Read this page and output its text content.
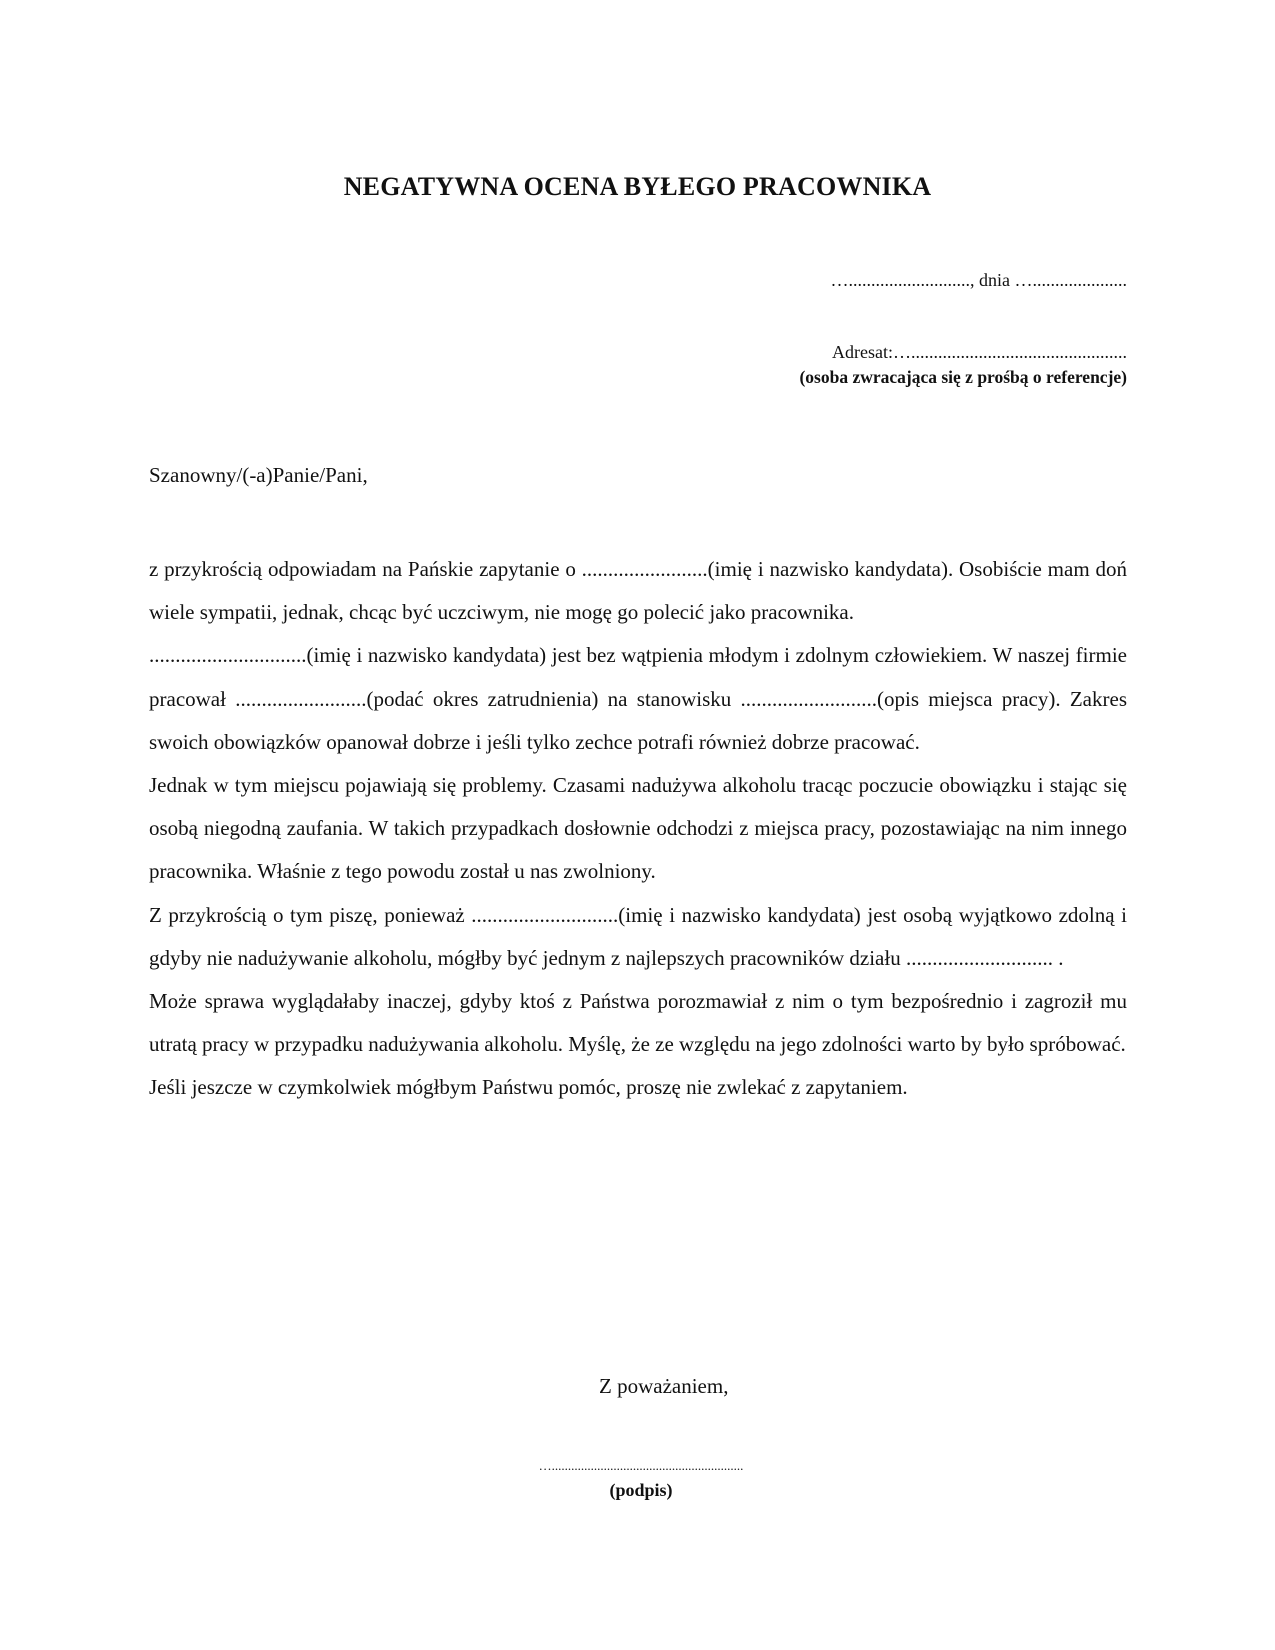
NEGATYWNA OCENA BYŁEGO PRACOWNIKA
…..........................., dnia ….....................
Adresat:…................................................
(osoba zwracająca się z prośbą o referencje)
Szanowny/(-a)Panie/Pani,

z przykrością odpowiadam na Pańskie zapytanie o ........................(imię i nazwisko kandydata). Osobiście mam doń wiele sympatii, jednak, chcąc być uczciwym, nie mogę go polecić jako pracownika.

..............................(imię i nazwisko kandydata) jest bez wątpienia młodym i zdolnym człowiekiem. W naszej firmie pracował .........................(podać okres zatrudnienia) na stanowisku ..........................(opis miejsca pracy). Zakres swoich obowiązków opanował dobrze i jeśli tylko zechce potrafi również dobrze pracować.

Jednak w tym miejscu pojawiają się problemy. Czasami nadużywa alkoholu tracąc poczucie obowiązku i stając się osobą niegodną zaufania. W takich przypadkach dosłownie odchodzi z miejsca pracy, pozostawiając na nim innego pracownika. Właśnie z tego powodu został u nas zwolniony.

Z przykrością o tym piszę, ponieważ ............................(imię i nazwisko kandydata) jest osobą wyjątkowo zdolną i gdyby nie nadużywanie alkoholu, mógłby być jednym z najlepszych pracowników działu ............................ .

Może sprawa wyglądałaby inaczej, gdyby ktoś z Państwa porozmawiał z nim o tym bezpośrednio i zagroził mu utratą pracy w przypadku nadużywania alkoholu. Myślę, że ze względu na jego zdolności warto by było spróbować.

Jeśli jeszcze w czymkolwiek mógłbym Państwu pomóc, proszę nie zwlekać z zapytaniem.

Z poważaniem,
…...........................................................
(podpis)
